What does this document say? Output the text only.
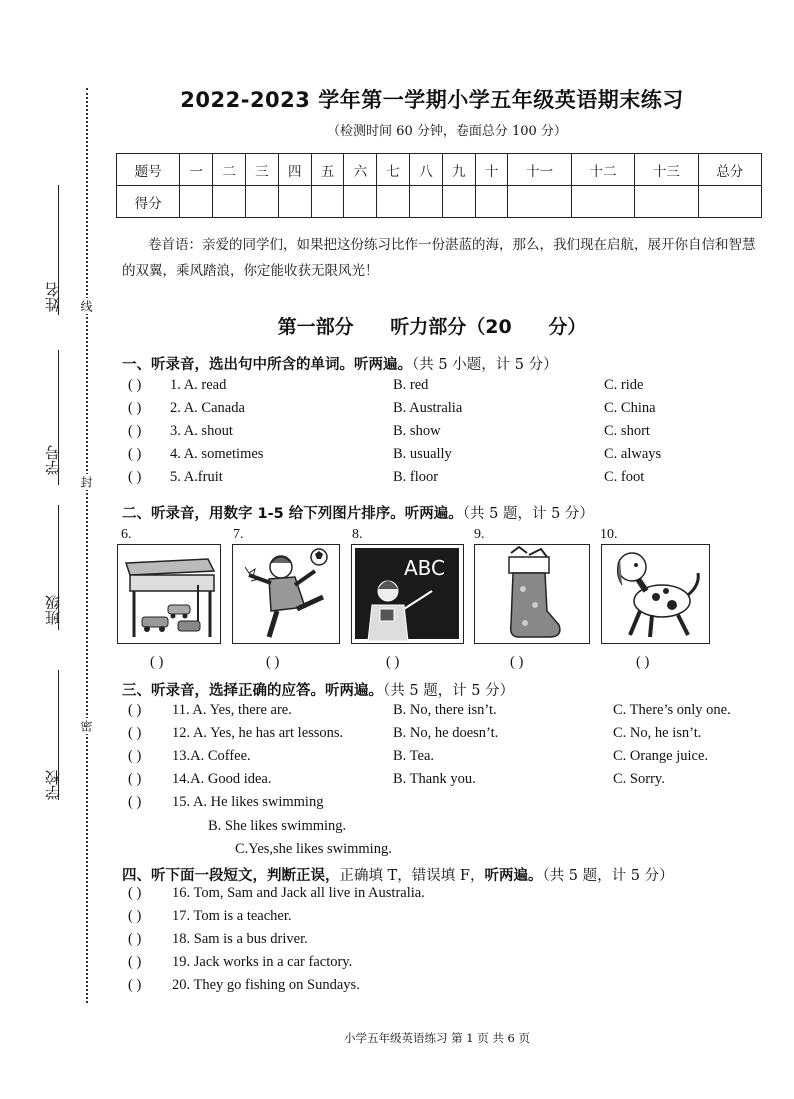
姓名
学号
班级
学校
线
封
密
2022-2023 学年第一学期小学五年级英语期末练习
（检测时间 60 分钟，卷面总分 100 分）
题号	一	二	三	四	五	六	七	八	九	十	十一	十二	十三	总分
得分														
卷首语：亲爱的同学们，如果把这份练习比作一份湛蓝的海，那么，我们现在启航，展开你自信和智慧的双翼，乘风踏浪，你定能收获无限风光！
第一部分 听力部分（20 分）
一、听录音，选出句中所含的单词。听两遍。（共 5 小题，计 5 分）
( ) 1. A. read	B. red	C. ride
( ) 2. A. Canada	B. Australia	C. China
( ) 3. A. shout	B. show	C. short
( ) 4. A. sometimes	B. usually	C. always
( ) 5. A.fruit	B. floor	C. foot
二、听录音，用数字 1-5 给下列图片排序。听两遍。（共 5 题，计 5 分）
6.	7.	8.	9.	10.
ABC
( )	( )	( )	( )	( )
三、听录音，选择正确的应答。听两遍。（共 5 题，计 5 分）
( ) 11. A. Yes, there are.	B. No, there isn’t.	C. There’s only one.
( ) 12. A. Yes, he has art lessons.	B. No, he doesn’t.	C. No, he isn’t.
( ) 13.A. Coffee.	B. Tea.	C. Orange juice.
( ) 14.A. Good idea.	B. Thank you.	C. Sorry.
( ) 15. A. He likes swimming
B. She likes swimming.
C.Yes,she likes swimming.
四、听下面一段短文，判断正误，正确填 T，错误填 F，听两遍。（共 5 题，计 5 分）
( ) 16. Tom, Sam and Jack all live in Australia.
( ) 17. Tom is a teacher.
( ) 18. Sam is a bus driver.
( ) 19. Jack works in a car factory.
( ) 20. They go fishing on Sundays.
小学五年级英语练习 第 1 页 共 6 页
